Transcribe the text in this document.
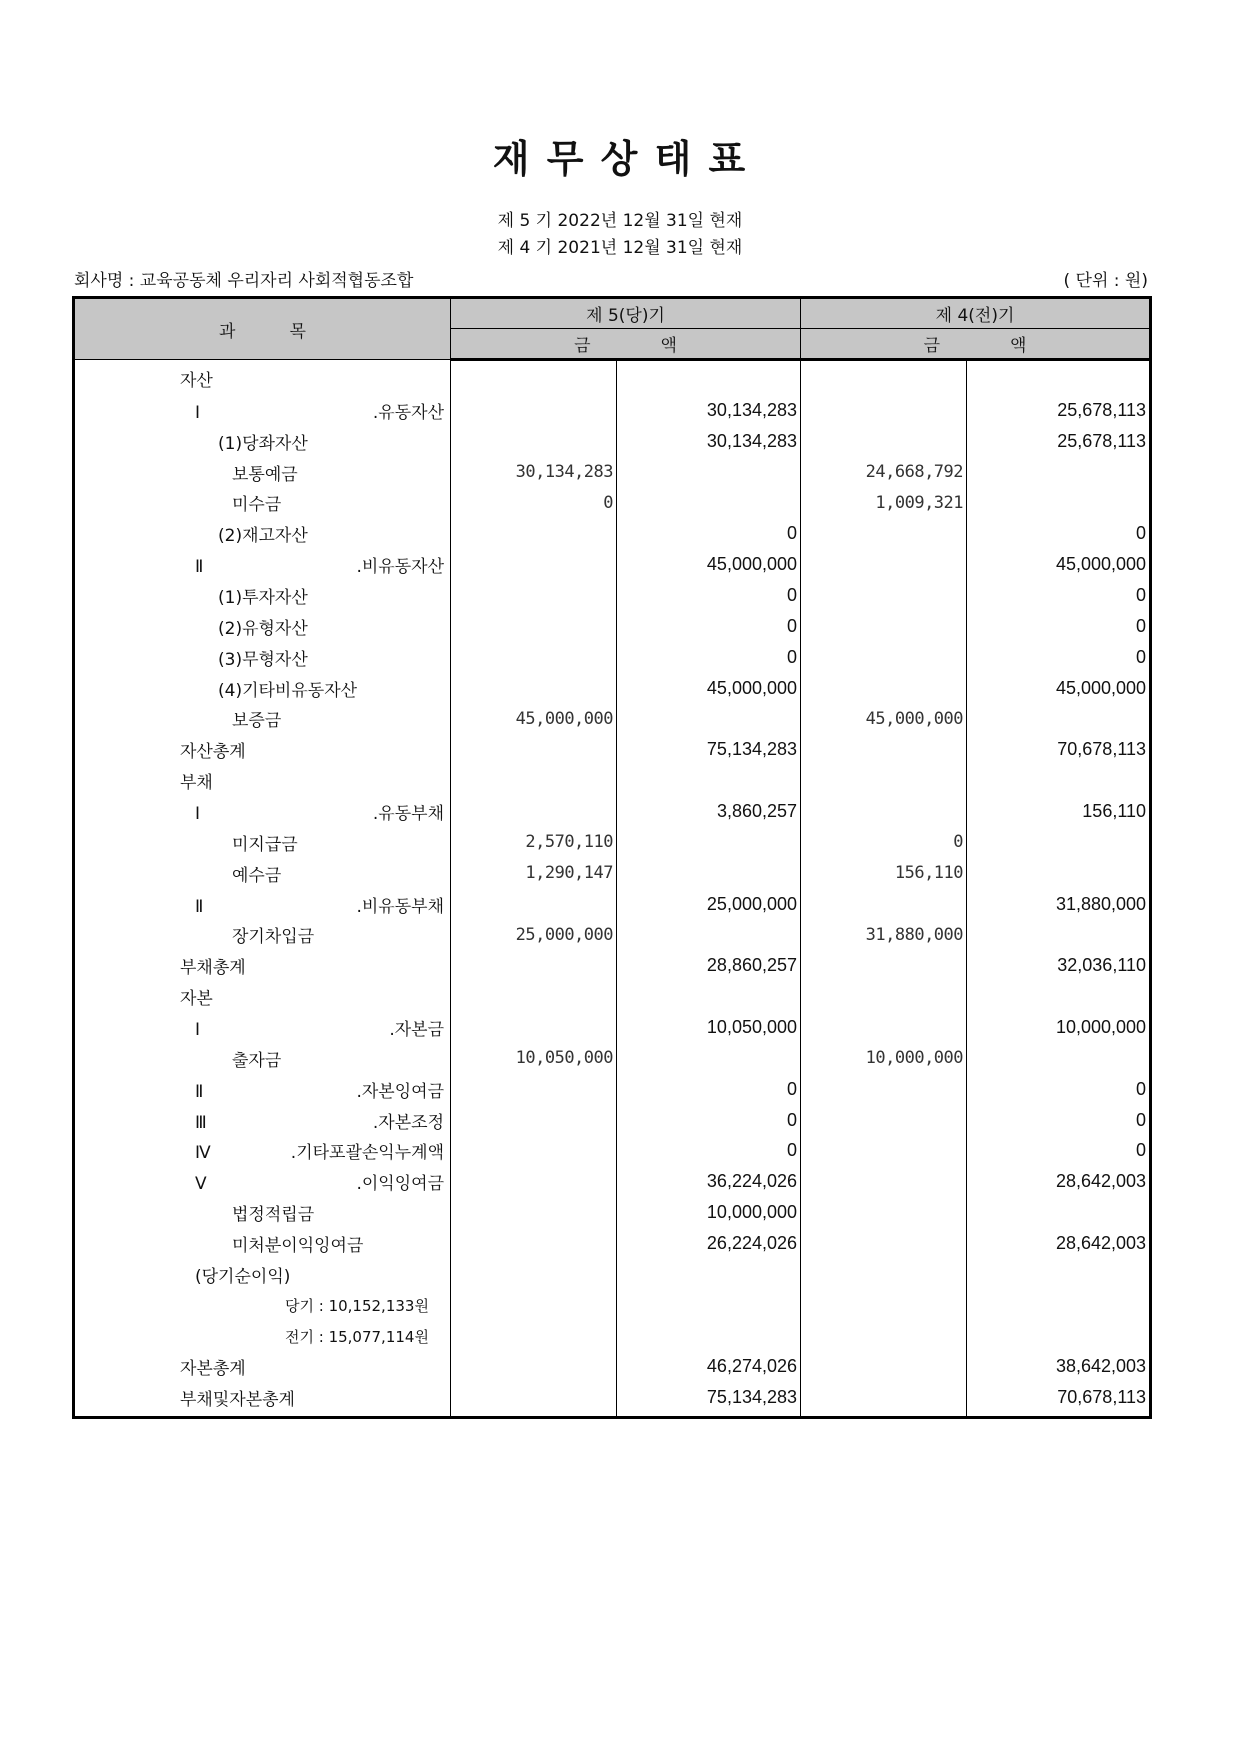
재 무 상 태 표
제 5 기 2022년 12월 31일 현재
제 4 기 2021년 12월 31일 현재
회사명 : 교육공동체 우리자리 사회적협동조합	( 단위 : 원)
과          목	제 5(당)기		제 4(전)기	
	금 액		금 액	

자산				

Ⅰ.유동자산		30,134,283		25,678,113

(1)당좌자산		30,134,283		25,678,113

보통예금	30,134,283		24,668,792	

미수금	0		1,009,321	

(2)재고자산		0		0

Ⅱ.비유동자산		45,000,000		45,000,000

(1)투자자산		0		0

(2)유형자산		0		0

(3)무형자산		0		0

(4)기타비유동자산		45,000,000		45,000,000

보증금	45,000,000		45,000,000	

자산총계		75,134,283		70,678,113

부채				

Ⅰ.유동부채		3,860,257		156,110

미지급금	2,570,110		0	

예수금	1,290,147		156,110	

Ⅱ.비유동부채		25,000,000		31,880,000

장기차입금	25,000,000		31,880,000	

부채총계		28,860,257		32,036,110

자본				

Ⅰ.자본금		10,050,000		10,000,000

출자금	10,050,000		10,000,000	

Ⅱ.자본잉여금		0		0

Ⅲ.자본조정		0		0

Ⅳ.기타포괄손익누계액		0		0

Ⅴ.이익잉여금		36,224,026		28,642,003

법정적립금		10,000,000		

미처분이익잉여금		26,224,026		28,642,003

(당기순이익)				

당기 : 10,152,133원				

전기 : 15,077,114원				

자본총계		46,274,026		38,642,003

부채및자본총계		75,134,283		70,678,113
